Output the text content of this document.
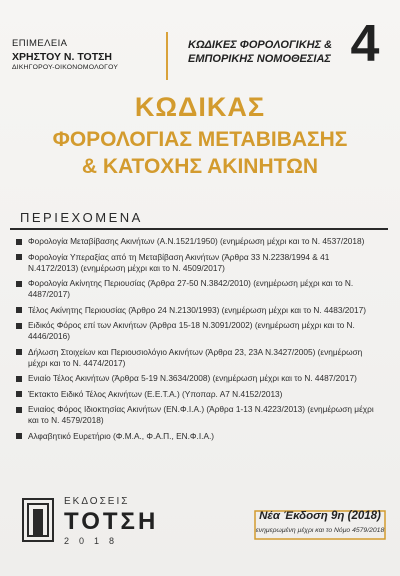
ΕΠΙΜΕΛΕΙΑ
ΧΡΗΣΤΟΥ Ν. ΤΟΤΣΗ
ΔΙΚΗΓΟΡΟΥ-ΟΙΚΟΝΟΜΟΛΟΓΟΥ
ΚΩΔΙΚΕΣ ΦΟΡΟΛΟΓΙΚΗΣ &
ΕΜΠΟΡΙΚΗΣ ΝΟΜΟΘΕΣΙΑΣ 4
ΚΩΔΙΚΑΣ
ΦΟΡΟΛΟΓΙΑΣ ΜΕΤΑΒΙΒΑΣΗΣ
& ΚΑΤΟΧΗΣ ΑΚΙΝΗΤΩΝ
ΠΕΡΙΕΧΟΜΕΝΑ
Φορολογία Μεταβίβασης Ακινήτων (Α.Ν.1521/1950) (ενημέρωση μέχρι και το Ν. 4537/2018)
Φορολογία Υπεραξίας από τη Μεταβίβαση Ακινήτων (Άρθρα 33 Ν.2238/1994 & 41 Ν.4172/2013) (ενημέρωση μέχρι και το Ν. 4509/2017)
Φορολογία Ακίνητης Περιουσίας (Άρθρα 27-50 Ν.3842/2010) (ενημέρωση μέχρι και το Ν. 4487/2017)
Τέλος Ακίνητης Περιουσίας (Άρθρο 24 Ν.2130/1993) (ενημέρωση μέχρι και το Ν. 4483/2017)
Ειδικός Φόρος επί των Ακινήτων (Άρθρα 15-18 Ν.3091/2002) (ενημέρωση μέχρι και το Ν. 4446/2016)
Δήλωση Στοιχείων και Περιουσιολόγιο Ακινήτων (Άρθρα 23, 23Α Ν.3427/2005) (ενημέρωση μέχρι και το Ν. 4474/2017)
Ενιαίο Τέλος Ακινήτων (Άρθρα 5-19 Ν.3634/2008) (ενημέρωση μέχρι και το Ν. 4487/2017)
Έκτακτο Ειδικό Τέλος Ακινήτων (Ε.Ε.Τ.Α.) (Υποπαρ. Α7 Ν.4152/2013)
Ενιαίος Φόρος Ιδιοκτησίας Ακινήτων (ΕΝ.Φ.Ι.Α.) (Άρθρα 1-13 Ν.4223/2013) (ενημέρωση μέχρι και το Ν. 4579/2018)
Αλφαβητικό Ευρετήριο (Φ.Μ.Α., Φ.Α.Π., ΕΝ.Φ.Ι.Α.)
ΕΚΔΟΣΕΙΣ
ΤΟΤΣΗ
2018
Νέα Έκδοση 9η (2018)
ενημερωμένη μέχρι και το Νόμο 4579/2018
